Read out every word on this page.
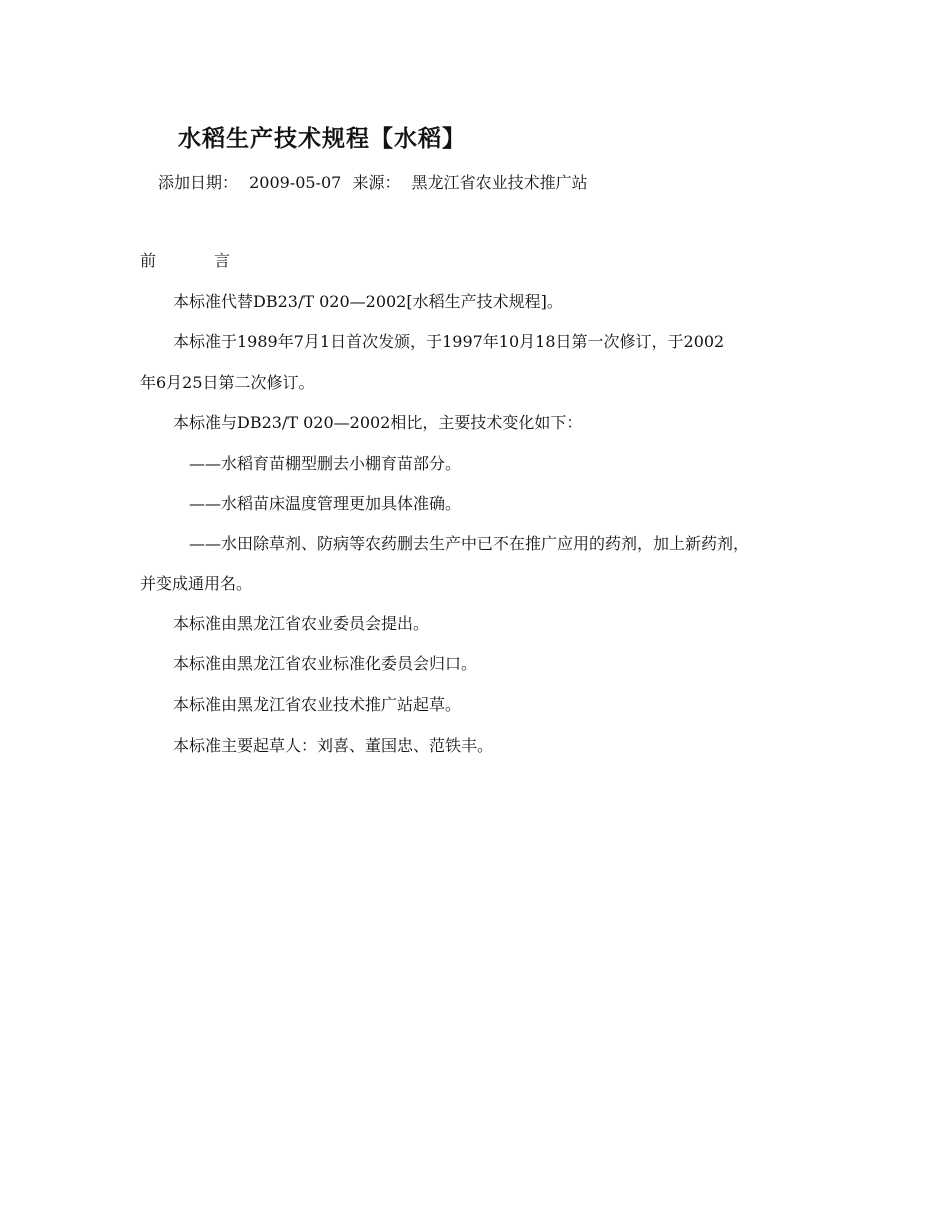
水稻生产技术规程【水稻】
添加日期： 2009-05-07 来源： 黑龙江省农业技术推广站
前	言
本标准代替DB23/T 020—2002[水稻生产技术规程]。
本标准于1989年7月1日首次发颁，于1997年10月18日第一次修订，于2002
年6月25日第二次修订。
本标准与DB23/T 020—2002相比，主要技术变化如下：
——水稻育苗棚型删去小棚育苗部分。
——水稻苗床温度管理更加具体准确。
——水田除草剂、防病等农药删去生产中已不在推广应用的药剂，加上新药剂，
并变成通用名。
本标准由黑龙江省农业委员会提出。
本标准由黑龙江省农业标准化委员会归口。
本标准由黑龙江省农业技术推广站起草。
本标准主要起草人：刘喜、董国忠、范铁丰。
